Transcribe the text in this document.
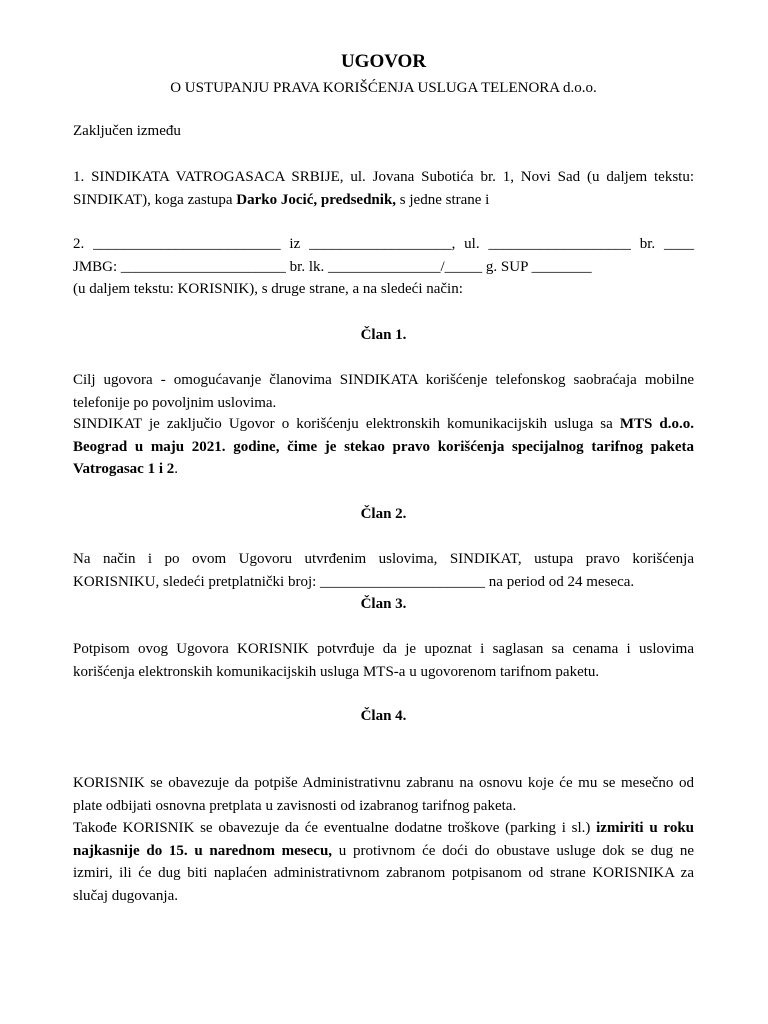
UGOVOR
O USTUPANJU PRAVA KORIŠĆENJA USLUGA TELENORA d.o.o.
Zaključen između
1. SINDIKATA VATROGASACA SRBIJE, ul. Jovana Subotića br. 1, Novi Sad (u daljem tekstu:

SINDIKAT), koga zastupa Darko Jocić, predsednik, s jedne strane i

2. _________________________ iz ___________________, ul. ___________________ br. ____

JMBG: ______________________ br. lk. _______________/_____ g. SUP ________

(u daljem tekstu: KORISNIK), s druge strane, a na sledeći način:

Član 1.
Cilj ugovora - omogućavanje članovima SINDIKATA korišćenje telefonskog saobraćaja mobilne

telefonije po povoljnim uslovima.

SINDIKAT je zaključio Ugovor o korišćenju elektronskih komunikacijskih usluga sa MTS d.o.o.
Beograd u maju 2021. godine, čime je stekao pravo korišćenja specijalnog tarifnog paketa

Vatrogasac 1 i 2.

Član 2.
Na način i po ovom Ugovoru utvrđenim uslovima, SINDIKAT, ustupa pravo korišćenja

KORISNIKU, sledeći pretplatnički broj: ______________________ na period od 24 meseca.

Član 3.
Potpisom ovog Ugovora KORISNIK potvrđuje da je upoznat i saglasan sa cenama i uslovima

korišćenja elektronskih komunikacijskih usluga MTS-a u ugovorenom tarifnom paketu.

Član 4.
KORISNIK se obavezuje da potpiše Administrativnu zabranu na osnovu koje će mu se mesečno od

plate odbijati osnovna pretplata u zavisnosti od izabranog tarifnog paketa.

Takođe KORISNIK se obavezuje da će eventualne dodatne troškove (parking i sl.) izmiriti u roku
najkasnije do 15. u narednom mesecu, u protivnom će doći do obustave usluge dok se dug ne
izmiri, ili će dug biti naplaćen administrativnom zabranom potpisanom od strane KORISNIKA za

slučaj dugovanja.
